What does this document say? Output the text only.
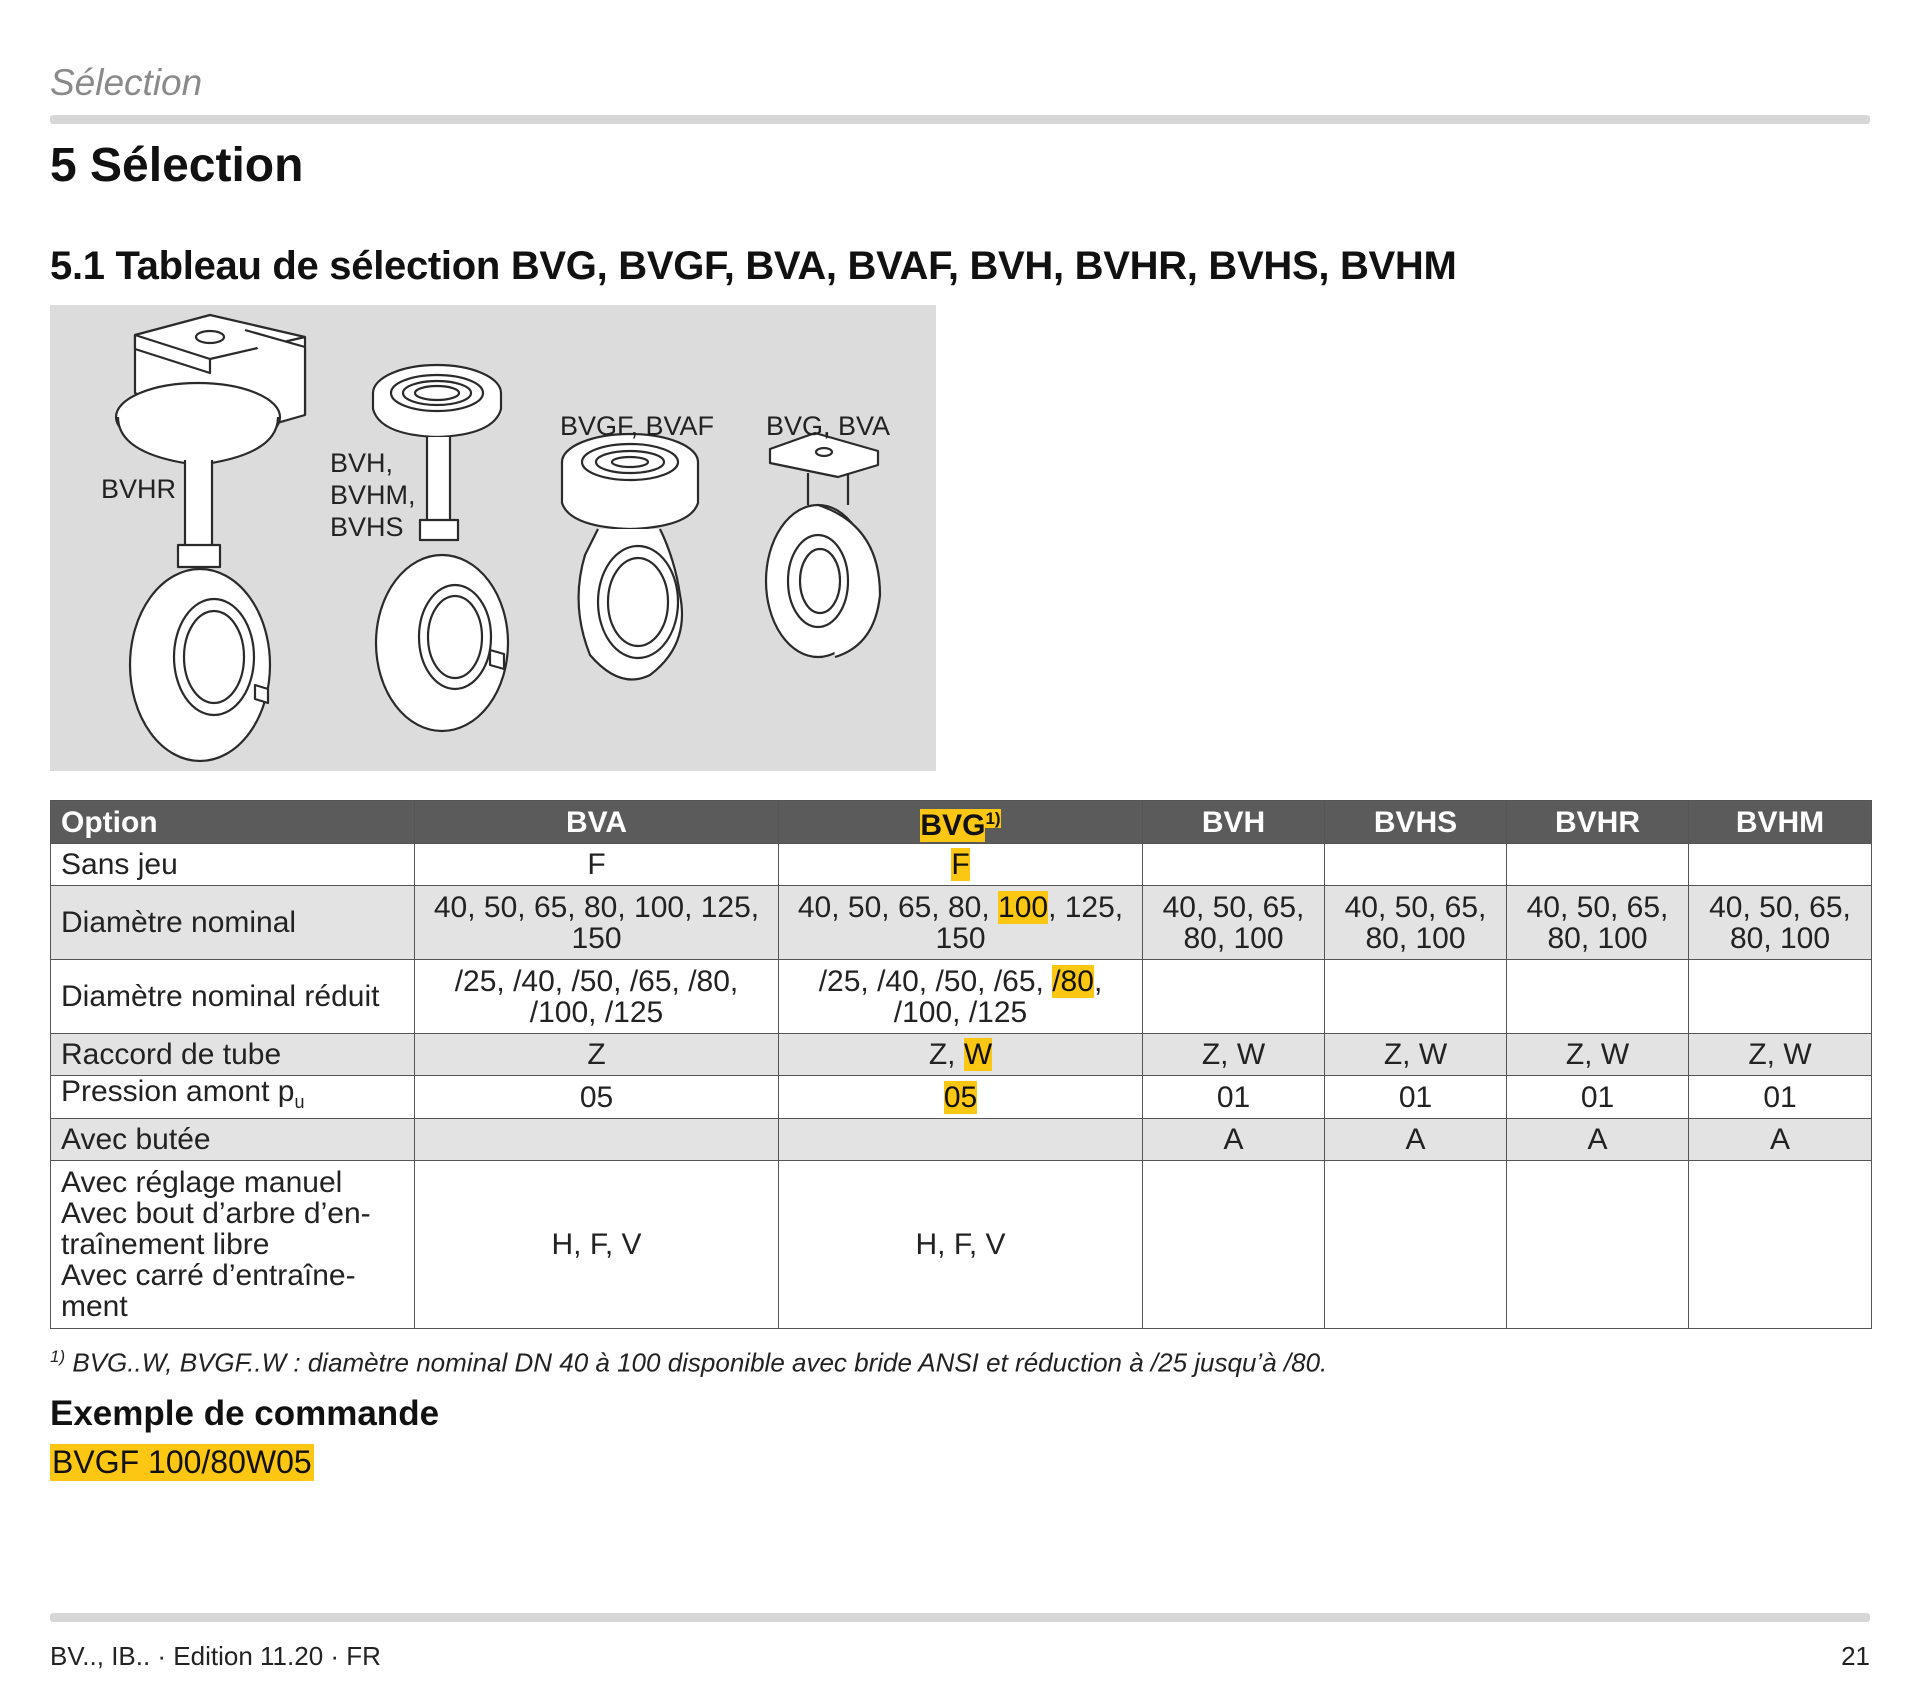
Sélection
5 Sélection
5.1 Tableau de sélection BVG, BVGF, BVA, BVAF, BVH, BVHR, BVHS, BVHM
BVHR
BVH,
BVHM,
BVHS
BVGF, BVAF BVG, BVA
Option	BVA	BVG$^{1)}$	BVH	BVHS	BVHR	BVHM
Sans jeu	F	F				
Diamètre nominal	40, 50, 65, 80, 100, 125, 150	40, 50, 65, 80, 100, 125, 150	40, 50, 65, 80, 100	40, 50, 65, 80, 100	40, 50, 65, 80, 100	40, 50, 65, 80, 100
Diamètre nominal réduit	/25, /40, /50, /65, /80, /100, /125	/25, /40, /50, /65, /80, /100, /125				
Raccord de tube	Z	Z, W	Z, W	Z, W	Z, W	Z, W
Pression amont $p_u$	05	05	01	01	01	01
Avec butée			A	A	A	A
Avec réglage manuel
Avec bout d’arbre d’en-
traînement libre
Avec carré d’entraîne-
ment	H, F, V	H, F, V				
$^{1)}$ BVG..W, BVGF..W : diamètre nominal DN 40 à 100 disponible avec bride ANSI et réduction à /25 jusqu’à /80.
Exemple de commande
BVGF 100/80W05
BV.., IB.. · Edition 11.20 · FR	21
